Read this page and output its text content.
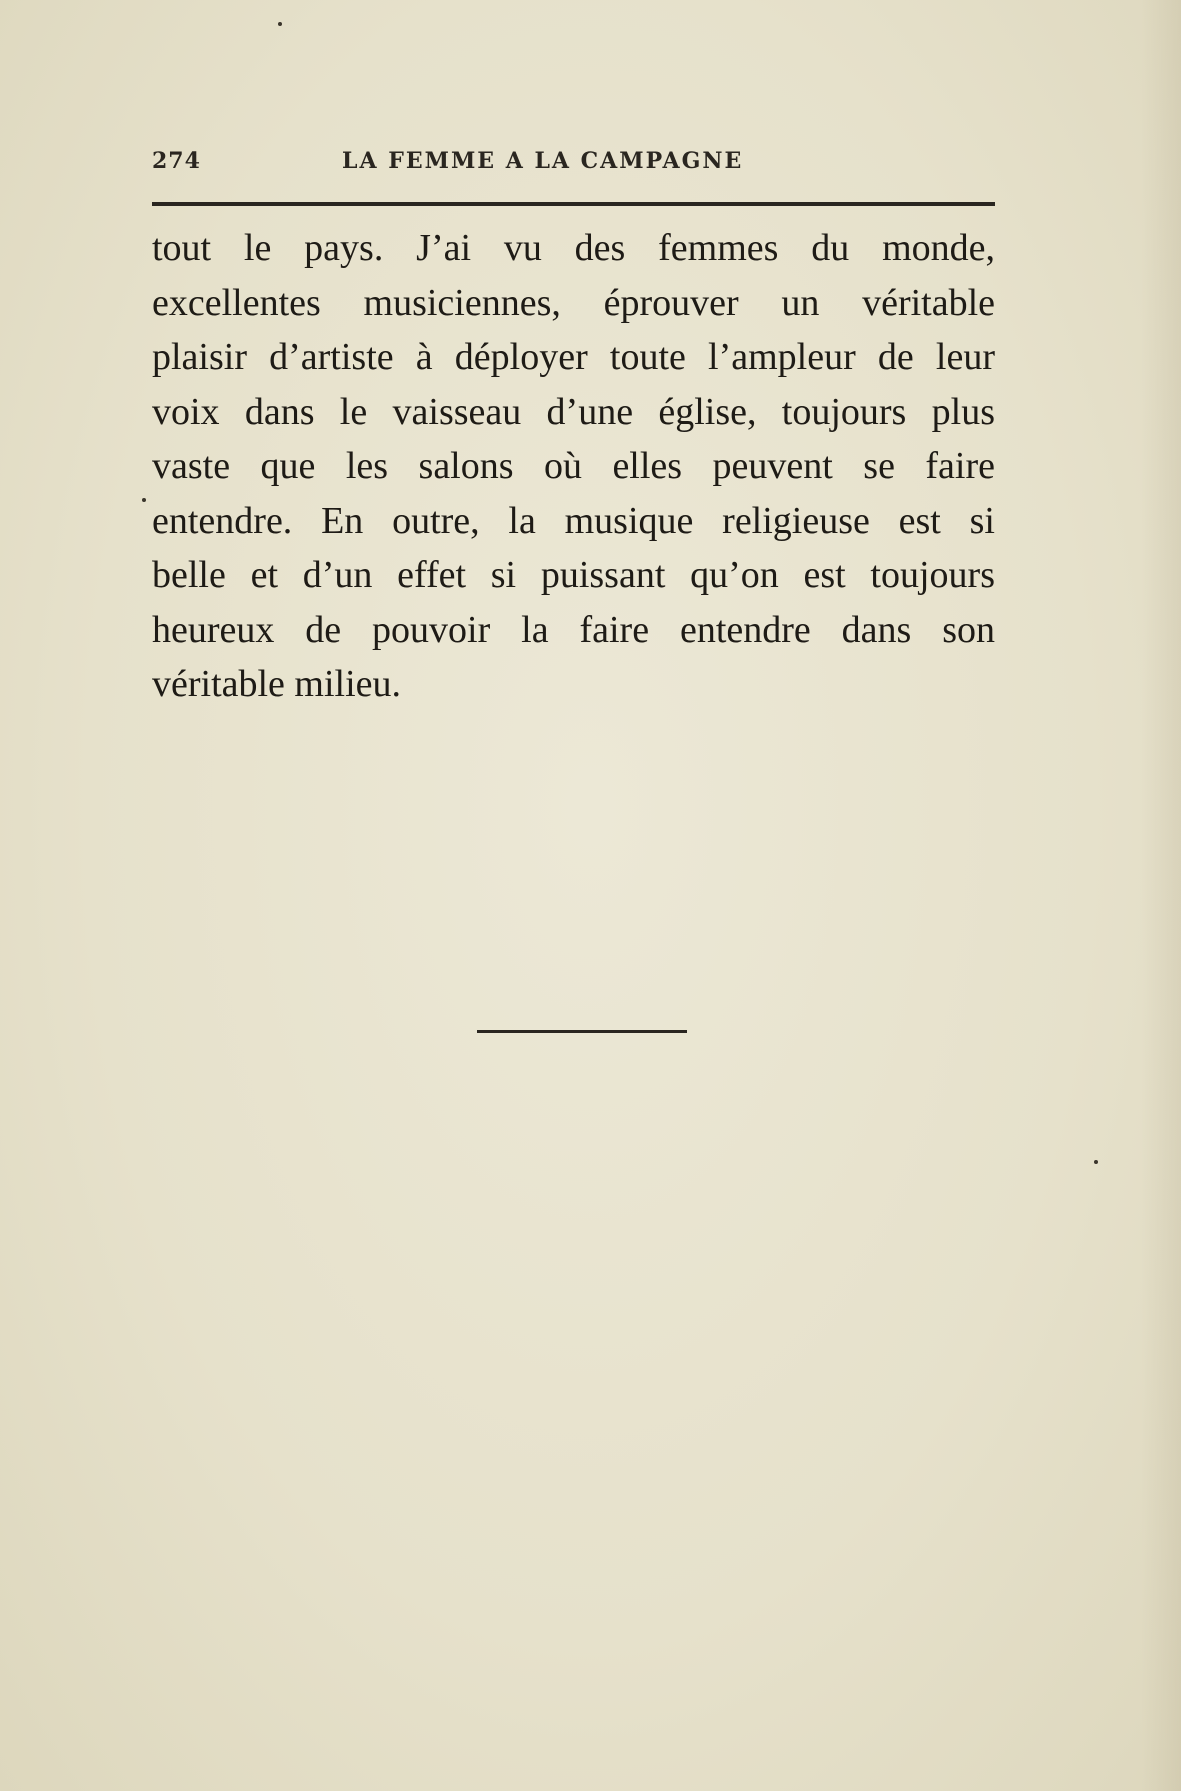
274	LA FEMME A LA CAMPAGNE
tout le pays. J’ai vu des femmes du monde,
excellentes musiciennes, éprouver un véritable
plaisir d’artiste à déployer toute l’ampleur de leur
voix dans le vaisseau d’une église, toujours plus
vaste que les salons où elles peuvent se faire
entendre. En outre, la musique religieuse est si
belle et d’un effet si puissant qu’on est toujours
heureux de pouvoir la faire entendre dans son
véritable milieu.
